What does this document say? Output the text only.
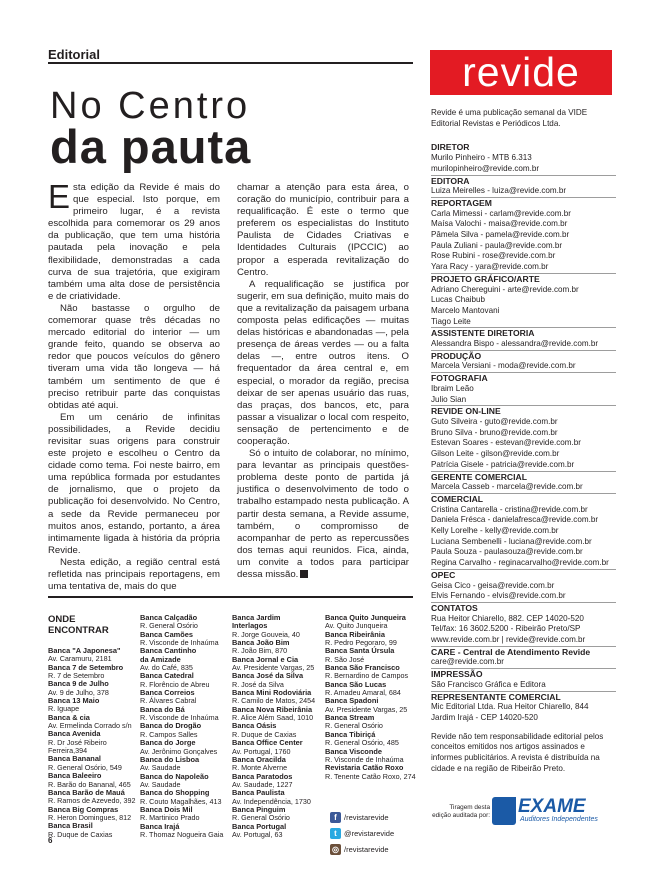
Editorial
No Centro
da pauta

Esta edição da Revide é mais do que especial. Isto porque, em primeiro lugar, é a revista escolhida para comemorar os 29 anos da publicação, que tem uma história pautada pela inovação e pela flexibilidade, demonstradas a cada curva de sua trajetória, que exigiram também uma alta dose de persistência e de criatividade.

Não bastasse o orgulho de comemorar quase três décadas no mercado editorial do interior — um grande feito, quando se observa ao redor que poucos veículos do gênero tiveram uma vida tão longeva — há também um sentimento de que é preciso retribuir parte das conquistas obtidas até aqui.

Em um cenário de infinitas possibilidades, a Revide decidiu revisitar suas origens para construir este projeto e escolheu o Centro da cidade como tema. Foi neste bairro, em uma república formada por estudantes de jornalismo, que o projeto da publicação foi desenvolvido. No Centro, a sede da Revide permaneceu por muitos anos, estando, portanto, a área intimamente ligada à história da própria Revide.

Nesta edição, a região central está refletida nas principais reportagens, em uma tentativa de, mais do que

chamar a atenção para esta área, o coração do município, contribuir para a requalificação. É este o termo que preferem os especialistas do Instituto Paulista de Cidades Criativas e Identidades Culturais (IPCCIC) ao propor a esperada revitalização do Centro.

A requalificação se justifica por sugerir, em sua definição, muito mais do que a revitalização da paisagem urbana composta pelas edificações — muitas delas históricas e abandonadas —, pela presença de áreas verdes — ou a falta delas —, entre outros itens. O frequentador da área central e, em especial, o morador da região, precisa deixar de ser apenas usuário das ruas, das praças, dos bancos, etc, para passar a visualizar o local com respeito, sensação de pertencimento e de cooperação.

Só o intuito de colaborar, no mínimo, para levantar as principais questões-problema deste ponto de partida já justifica o desenvolvimento de todo o trabalho estampado nesta publicação. A partir desta semana, a Revide assume, também, o compromisso de acompanhar de perto as repercussões dos temas aqui reunidos. Fica, ainda, um convite a todos para participar dessa missão. r

ONDE ENCONTRAR
Banca "A Japonesa"
Av. Caramuru, 2181
Banca 7 de Setembro
R. 7 de Setembro
Banca 9 de Julho
Av. 9 de Julho, 378
Banca 13 Maio
R. Iguape
Banca & cia
Av. Ermelinda Corrado s/n
Banca Avenida
R. Dr José Ribeiro
Ferreira,394
Banca Bananal
R. General Osório, 549
Banca Baleeiro
R. Barão do Bananal, 465
Banca Barão de Mauá
R. Ramos de Azevedo, 392
Banca Big Compras
R. Heron Domingues, 812
Banca Brasil
R. Duque de Caxias
Banca Calçadão
R. General Osório
Banca Camões
R. Visconde de Inhaúma
Banca Cantinho
da Amizade
Av. do Café, 835
Banca Catedral
R. Florêncio de Abreu
Banca Correios
R. Álvares Cabral
Banca do Bá
R. Visconde de Inhaúma
Banca do Drogão
R. Campos Salles
Banca do Jorge
Av. Jerônimo Gonçalves
Banca do Lisboa
Av. Saudade
Banca do Napoleão
Av. Saudade
Banca do Shopping
R. Couto Magalhães, 413
Banca Dois Mil
R. Martinico Prado
Banca Irajá
R. Thomaz Nogueira Gaia
Banca Jardim
Interlagos
R. Jorge Gouveia, 40
Banca João Bim
R. João Bim, 870
Banca Jornal e Cia
Av. Presidente Vargas, 25
Banca José da Silva
R. José da Silva
Banca Mini Rodoviária
R. Camilo de Matos, 2454
Banca Nova Ribeirânia
R. Alice Além Saad, 1010
Banca Oásis
R. Duque de Caxias
Banca Office Center
Av. Portugal, 1760
Banca Oracilda
R. Monte Alverne
Banca Paratodos
Av. Saudade, 1227
Banca Paulista
Av. Independência, 1730
Banca Pinguim
R. General Osório
Banca Portugal
Av. Portugal, 63
Banca Quito Junqueira
Av. Quito Junqueira
Banca Ribeirânia
R. Pedro Pegoraro, 99
Banca Santa Úrsula
R. São José
Banca São Francisco
R. Bernardino de Campos
Banca São Lucas
R. Amadeu Amaral, 684
Banca Spadoni
Av. Presidente Vargas, 25
Banca Stream
R. General Osório
Banca Tibiriçá
R. General Osório, 485
Banca Visconde
R. Visconde de Inhaúma
Revistaria Catão Roxo
R. Tenente Catão Roxo, 274
f /revistarevide
t @revistarevide
◎ /revistarevide
revide
Revide é uma publicação semanal da VIDE Editorial Revistas e Periódicos Ltda.
DIRETOR
Murilo Pinheiro - MTB 6.313
murilopinheiro@revide.com.br
EDITORA
Luiza Meirelles - luiza@revide.com.br
REPORTAGEM
Carla Mimessi - carlam@revide.com.br
Maísa Valochi - maisa@revide.com.br
Pâmela Silva - pamela@revide.com.br
Paula Zuliani - paula@revide.com.br
Rose Rubini - rose@revide.com.br
Yara Racy - yara@revide.com.br
PROJETO GRÁFICO/ARTE
Adriano Chereguini - arte@revide.com.br
Lucas Chaibub
Marcelo Mantovani
Tiago Leite
ASSISTENTE DIRETORIA
Alessandra Bispo - alessandra@revide.com.br
PRODUÇÃO
Marcela Versiani - moda@revide.com.br
FOTOGRAFIA
Ibraim Leão
Julio Sian
REVIDE ON-LINE
Guto Silveira - guto@revide.com.br
Bruno Silva - bruno@revide.com.br
Estevan Soares - estevan@revide.com.br
Gilson Leite - gilson@revide.com.br
Patrícia Gisele - patricia@revide.com.br
GERENTE COMERCIAL
Marcela Casseb - marcela@revide.com.br
COMERCIAL
Cristina Cantarella - cristina@revide.com.br
Daniela Frésca - danielafresca@revide.com.br
Kelly Lorelhe - kelly@revide.com.br
Luciana Sembenelli - luciana@revide.com.br
Paula Souza - paulasouza@revide.com.br
Regina Carvalho - reginacarvalho@revide.com.br
OPEC
Geisa Cico - geisa@revide.com.br
Elvis Fernando - elvis@revide.com.br
CONTATOS
Rua Heitor Chiarello, 882. CEP 14020-520
Tel/fax: 16 3602.5200 - Ribeirão Preto/SP
www.revide.com.br | revide@revide.com.br
CARE - Central de Atendimento Revide
care@revide.com.br
IMPRESSÃO
São Francisco Gráfica e Editora
REPRESENTANTE COMERCIAL
Mic Editorial Ltda. Rua Heitor Chiarello, 844
Jardim Irajá - CEP 14020-520
Revide não tem responsabilidade editorial pelos conceitos emitidos nos artigos assinados e informes publicitários. A revista é distribuída na cidade e na região de Ribeirão Preto.
Tiragem desta edição auditada por: EXAME
Auditores Independentes
6
